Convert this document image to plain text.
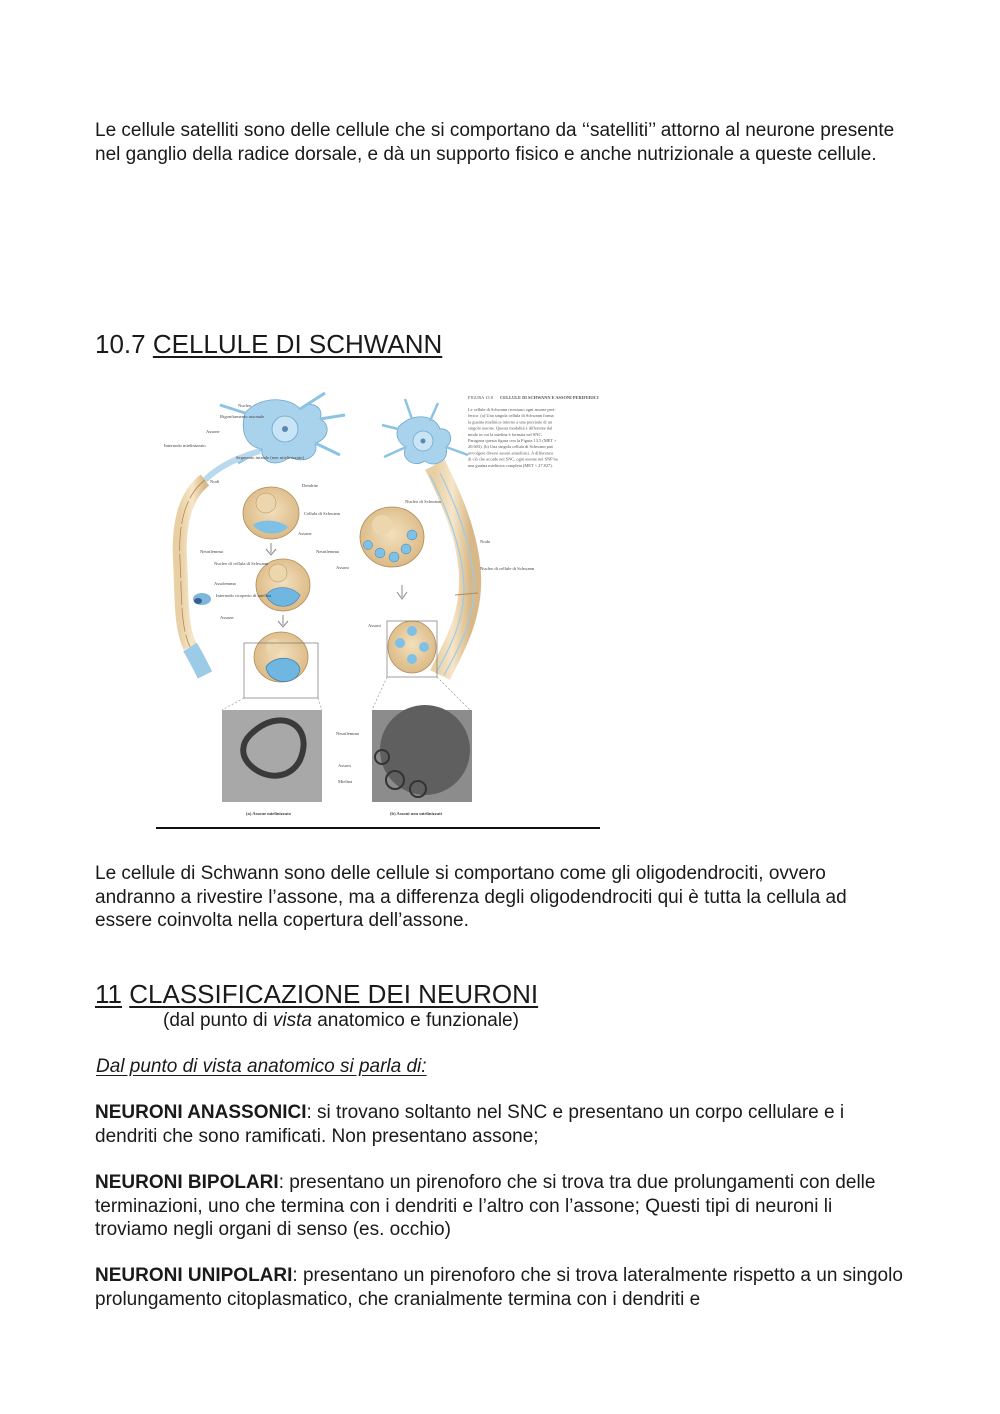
Le cellule satelliti sono delle cellule che si comportano da ‘‘satelliti’’ attorno al neurone presente nel ganglio della radice dorsale, e dà un supporto fisico e anche nutrizionale a queste cellule.

10.7 CELLULE DI SCHWANN
FIGURA 13.8 CELLULE DI SCHWANN E ASSONI PERIFERICI
Le cellule di Schwann rivestono ogni assone peri-
ferico. (a) Una singola cellula di Schwann forma
la guaina mielinica intorno a una porzione di un
singolo assone. Questa modalità è differente dal
modo in cui la mielina è formata nel SNC.
Paragona questa figura con la Figura 13.5 (MET ×
20.603). (b) Una singola cellula di Schwann può
avvolgere diversi assoni amielinici. A differenza
di ciò che accade nel SNC, ogni assone nel SNP ha
una guaina mielinica completa (MET × 27.827).
Nucleo
Rigonfiamento assonale
Assone
Internodo mielinizzato
Segmento iniziale (non mielinizzato)
Dendrite
Nodi
Cellula di Schwann
Assone
Neurilemma
Nucleo di cellula di Schwann
Assolemma
Internodo ricoperto di mielina
Assone
Nucleo di Schwann
Neurilemma
Assoni
Nodo
Nucleo di cellule di Schwann
Assoni
Neurilemma
Assoni
Mielina
(a) Assone mielinizzato	(b) Assoni non mielinizzati

Le cellule di Schwann sono delle cellule si comportano come gli oligodendrociti, ovvero andranno a rivestire l’assone, ma a differenza degli oligodendrociti qui è tutta la cellula ad essere coinvolta nella copertura dell’assone.

11 CLASSIFICAZIONE DEI NEURONI
(dal punto di vista anatomico e funzionale)

Dal punto di vista anatomico si parla di:

NEURONI ANASSONICI: si trovano soltanto nel SNC e presentano un corpo cellulare e i dendriti che sono ramificati. Non presentano assone;

NEURONI BIPOLARI: presentano un pirenoforo che si trova tra due prolungamenti con delle terminazioni, uno che termina con i dendriti e l’altro con l’assone; Questi tipi di neuroni li troviamo negli organi di senso (es. occhio)

NEURONI UNIPOLARI: presentano un pirenoforo che si trova lateralmente rispetto a un singolo prolungamento citoplasmatico, che cranialmente termina con i dendriti e
